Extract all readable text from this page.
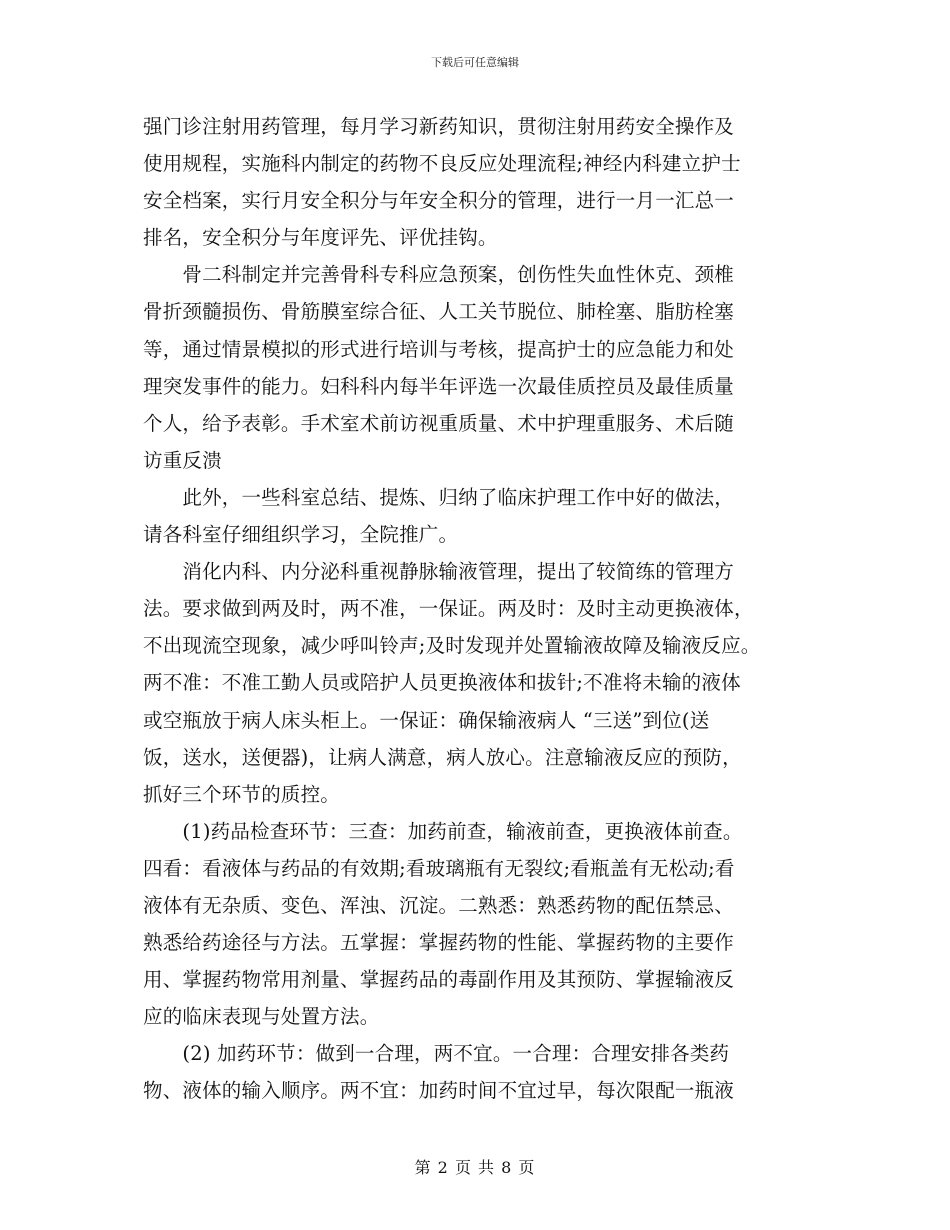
下载后可任意编辑
强门诊注射用药管理，每月学习新药知识，贯彻注射用药安全操作及
使用规程，实施科内制定的药物不良反应处理流程;神经内科建立护士
安全档案，实行月安全积分与年安全积分的管理，进行一月一汇总一
排名，安全积分与年度评先、评优挂钩。
　　骨二科制定并完善骨科专科应急预案，创伤性失血性休克、颈椎
骨折颈髓损伤、骨筋膜室综合征、人工关节脱位、肺栓塞、脂肪栓塞
等，通过情景模拟的形式进行培训与考核，提高护士的应急能力和处
理突发事件的能力。妇科科内每半年评选一次最佳质控员及最佳质量
个人，给予表彰。手术室术前访视重质量、术中护理重服务、术后随
访重反溃
　　此外，一些科室总结、提炼、归纳了临床护理工作中好的做法，
请各科室仔细组织学习，全院推广。
　　消化内科、内分泌科重视静脉输液管理，提出了较简练的管理方
法。要求做到两及时，两不准，一保证。两及时：及时主动更换液体，
不出现流空现象，减少呼叫铃声;及时发现并处置输液故障及输液反应。
两不准：不准工勤人员或陪护人员更换液体和拔针;不准将未输的液体
或空瓶放于病人床头柜上。一保证：确保输液病人 “三送”到位(送
饭，送水，送便器)，让病人满意，病人放心。注意输液反应的预防，
抓好三个环节的质控。
　　(1)药品检查环节：三查：加药前查，输液前查，更换液体前查。
四看：看液体与药品的有效期;看玻璃瓶有无裂纹;看瓶盖有无松动;看
液体有无杂质、变色、浑浊、沉淀。二熟悉：熟悉药物的配伍禁忌、
熟悉给药途径与方法。五掌握：掌握药物的性能、掌握药物的主要作
用、掌握药物常用剂量、掌握药品的毒副作用及其预防、掌握输液反
应的临床表现与处置方法。
　　(2) 加药环节：做到一合理，两不宜。一合理：合理安排各类药
物、液体的输入顺序。两不宜：加药时间不宜过早，每次限配一瓶液
第 2 页 共 8 页
